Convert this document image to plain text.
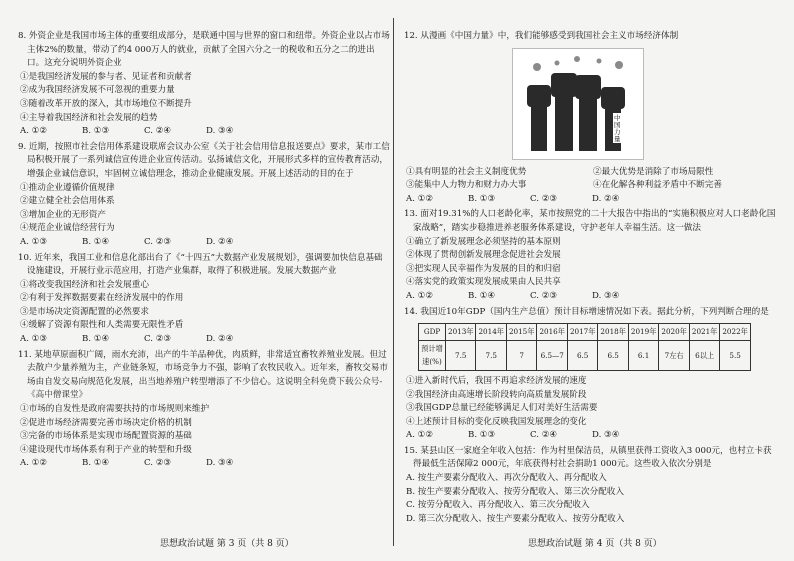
8. 外资企业是我国市场主体的重要组成部分，是联通中国与世界的窗口和纽带。外资企业以占市场主体2%的数量，带动了约4 000万人的就业，贡献了全国六分之一的税收和五分之二的进出口。这充分说明外资企业
①是我国经济发展的参与者、见证者和贡献者
②成为我国经济发展不可忽视的重要力量
③随着改革开放的深入，其市场地位不断提升
④主导着我国经济和社会发展的趋势
A. ①②	B. ①③	C. ②④	D. ③④
9. 近期，按照市社会信用体系建设联席会议办公室《关于社会信用信息报送要点》要求，某市工信局积极开展了一系列诚信宣传进企业宣传活动。弘扬诚信文化，开展形式多样的宣传教育活动，增强企业诚信意识，牢固树立诚信理念，推动企业健康发展。开展上述活动的目的在于
①推动企业遵循价值规律
②建立健全社会信用体系
③增加企业的无形资产
④规范企业诚信经营行为
A. ①③	B. ①④	C. ②③	D. ②④
10. 近年来，我国工业和信息化部出台了《“十四五”大数据产业发展规划》，强调要加快信息基础设施建设，开展行业示范应用，打造产业集群，取得了积极进展。发展大数据产业
①将改变我国经济和社会发展重心
②有利于发挥数据要素在经济发展中的作用
③是市场决定资源配置的必然要求
④缓解了资源有限性和人类需要无限性矛盾
A. ①③	B. ①④	C. ②③	D. ②④
11. 某地草原面积广阔，雨水充沛，出产的牛羊品种优，肉质鲜，非常适宜畜牧养殖业发展。但过去散户少量养殖为主，产业链条短，市场竞争力不强，影响了农牧民收入。近年来，畜牧交易市场由自发交易向规范化发展，出当地养殖户转型增添了不少信心。这说明全科免费下载公众号-《高中僧课堂》
①市场的自发性是政府需要扶持的市场规则来维护
②促进市场经济需要完善市场决定价格的机制
③完备的市场体系是实现市场配置资源的基础
④建设现代市场体系有利于产业的转型和升级
A. ①②	B. ①④	C. ②③	D. ③④
思想政治试题 第 3 页（共 8 页）
12. 从漫画《中国力量》中，我们能够感受到我国社会主义市场经济体制
中国力量
①具有明显的社会主义制度优势	②最大优势是消除了市场局限性
③能集中人力物力和财力办大事	④在化解各种利益矛盾中不断完善
A. ①②	B. ①③	C. ②③	D. ②④
13. 面对19.31%的人口老龄化率，某市按照党的二十大报告中指出的“实施积极应对人口老龄化国家战略”，踏实步稳推进养老服务体系建设，守护老年人幸福生活。这一做法
①确立了新发展理念必须坚持的基本原则
②体现了贯彻创新发展理念促进社会发展
③把实现人民幸福作为发展的目的和归宿
④落实党的政策实现发展成果由人民共享
A. ①②	B. ①④	C. ②③	D. ③④
14. 我国近10年GDP（国内生产总值）预计目标增速情况如下表。据此分析，下列判断合理的是
GDP	2013年	2014年	2015年	2016年	2017年	2018年	2019年	2020年	2021年	2022年
预计增速(%)	7.5	7.5	7	6.5—7	6.5	6.5	6.1	7左右	6以上	5.5
①进入新时代后，我国不再追求经济发展的速度
②我国经济由高速增长阶段转向高质量发展阶段
③我国GDP总量已经能够满足人们对美好生活需要
④上述预计目标的变化反映我国发展理念的变化
A. ①②	B. ①③	C. ②④	D. ③④
15. 某县山区一家庭全年收入包括：作为村里保洁员，从镇里获得工资收入3 000元，也村立卡获得最低生活保障2 000元，年底获得村社会捐助1 000元。这些收入依次分别是
A. 按生产要素分配收入、再次分配收入、再分配收入
B. 按生产要素分配收入、按劳分配收入、第三次分配收入
C. 按劳分配收入、再分配收入、第三次分配收入
D. 第三次分配收入、按生产要素分配收入、按劳分配收入
思想政治试题 第 4 页（共 8 页）
